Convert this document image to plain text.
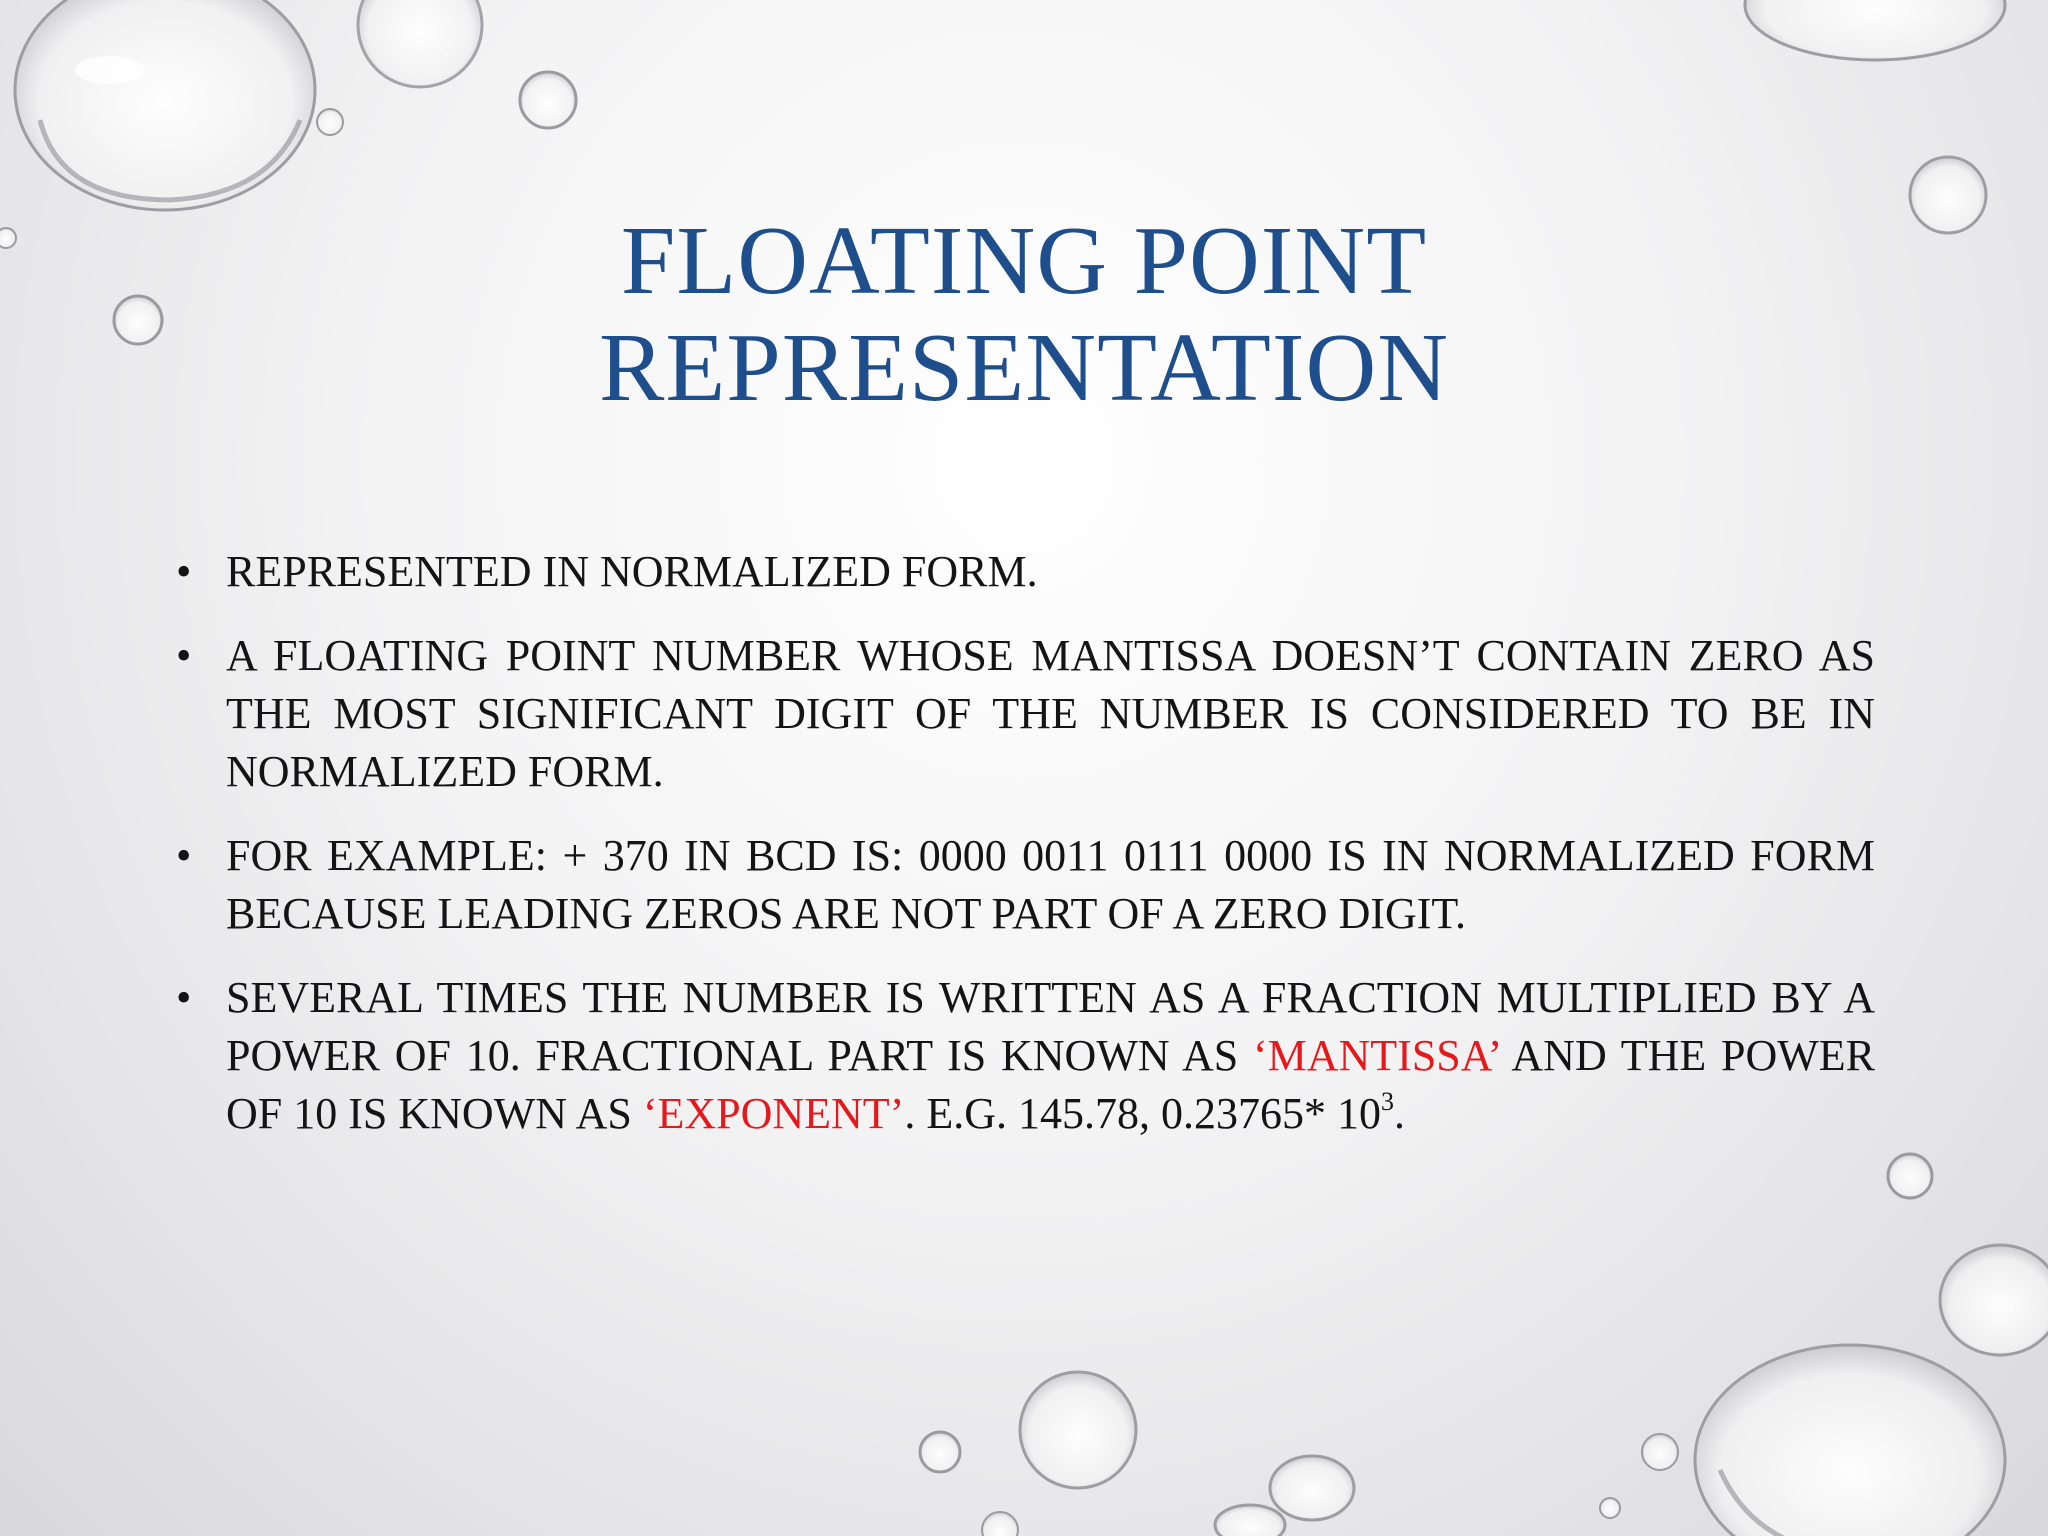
FLOATING POINT
REPRESENTATION
• REPRESENTED IN NORMALIZED FORM.
• A FLOATING POINT NUMBER WHOSE MANTISSA DOESN’T CONTAIN ZERO AS THE MOST SIGNIFICANT DIGIT OF THE NUMBER IS CONSIDERED TO BE IN NORMALIZED FORM.
• FOR EXAMPLE: + 370 IN BCD IS: 0000 0011 0111 0000 IS IN NORMALIZED FORM BECAUSE LEADING ZEROS ARE NOT PART OF A ZERO DIGIT.
• SEVERAL TIMES THE NUMBER IS WRITTEN AS A FRACTION MULTIPLIED BY A POWER OF 10. FRACTIONAL PART IS KNOWN AS ‘MANTISSA’ AND THE POWER OF 10 IS KNOWN AS ‘EXPONENT’. E.G. 145.78, 0.23765* $10^3$.
